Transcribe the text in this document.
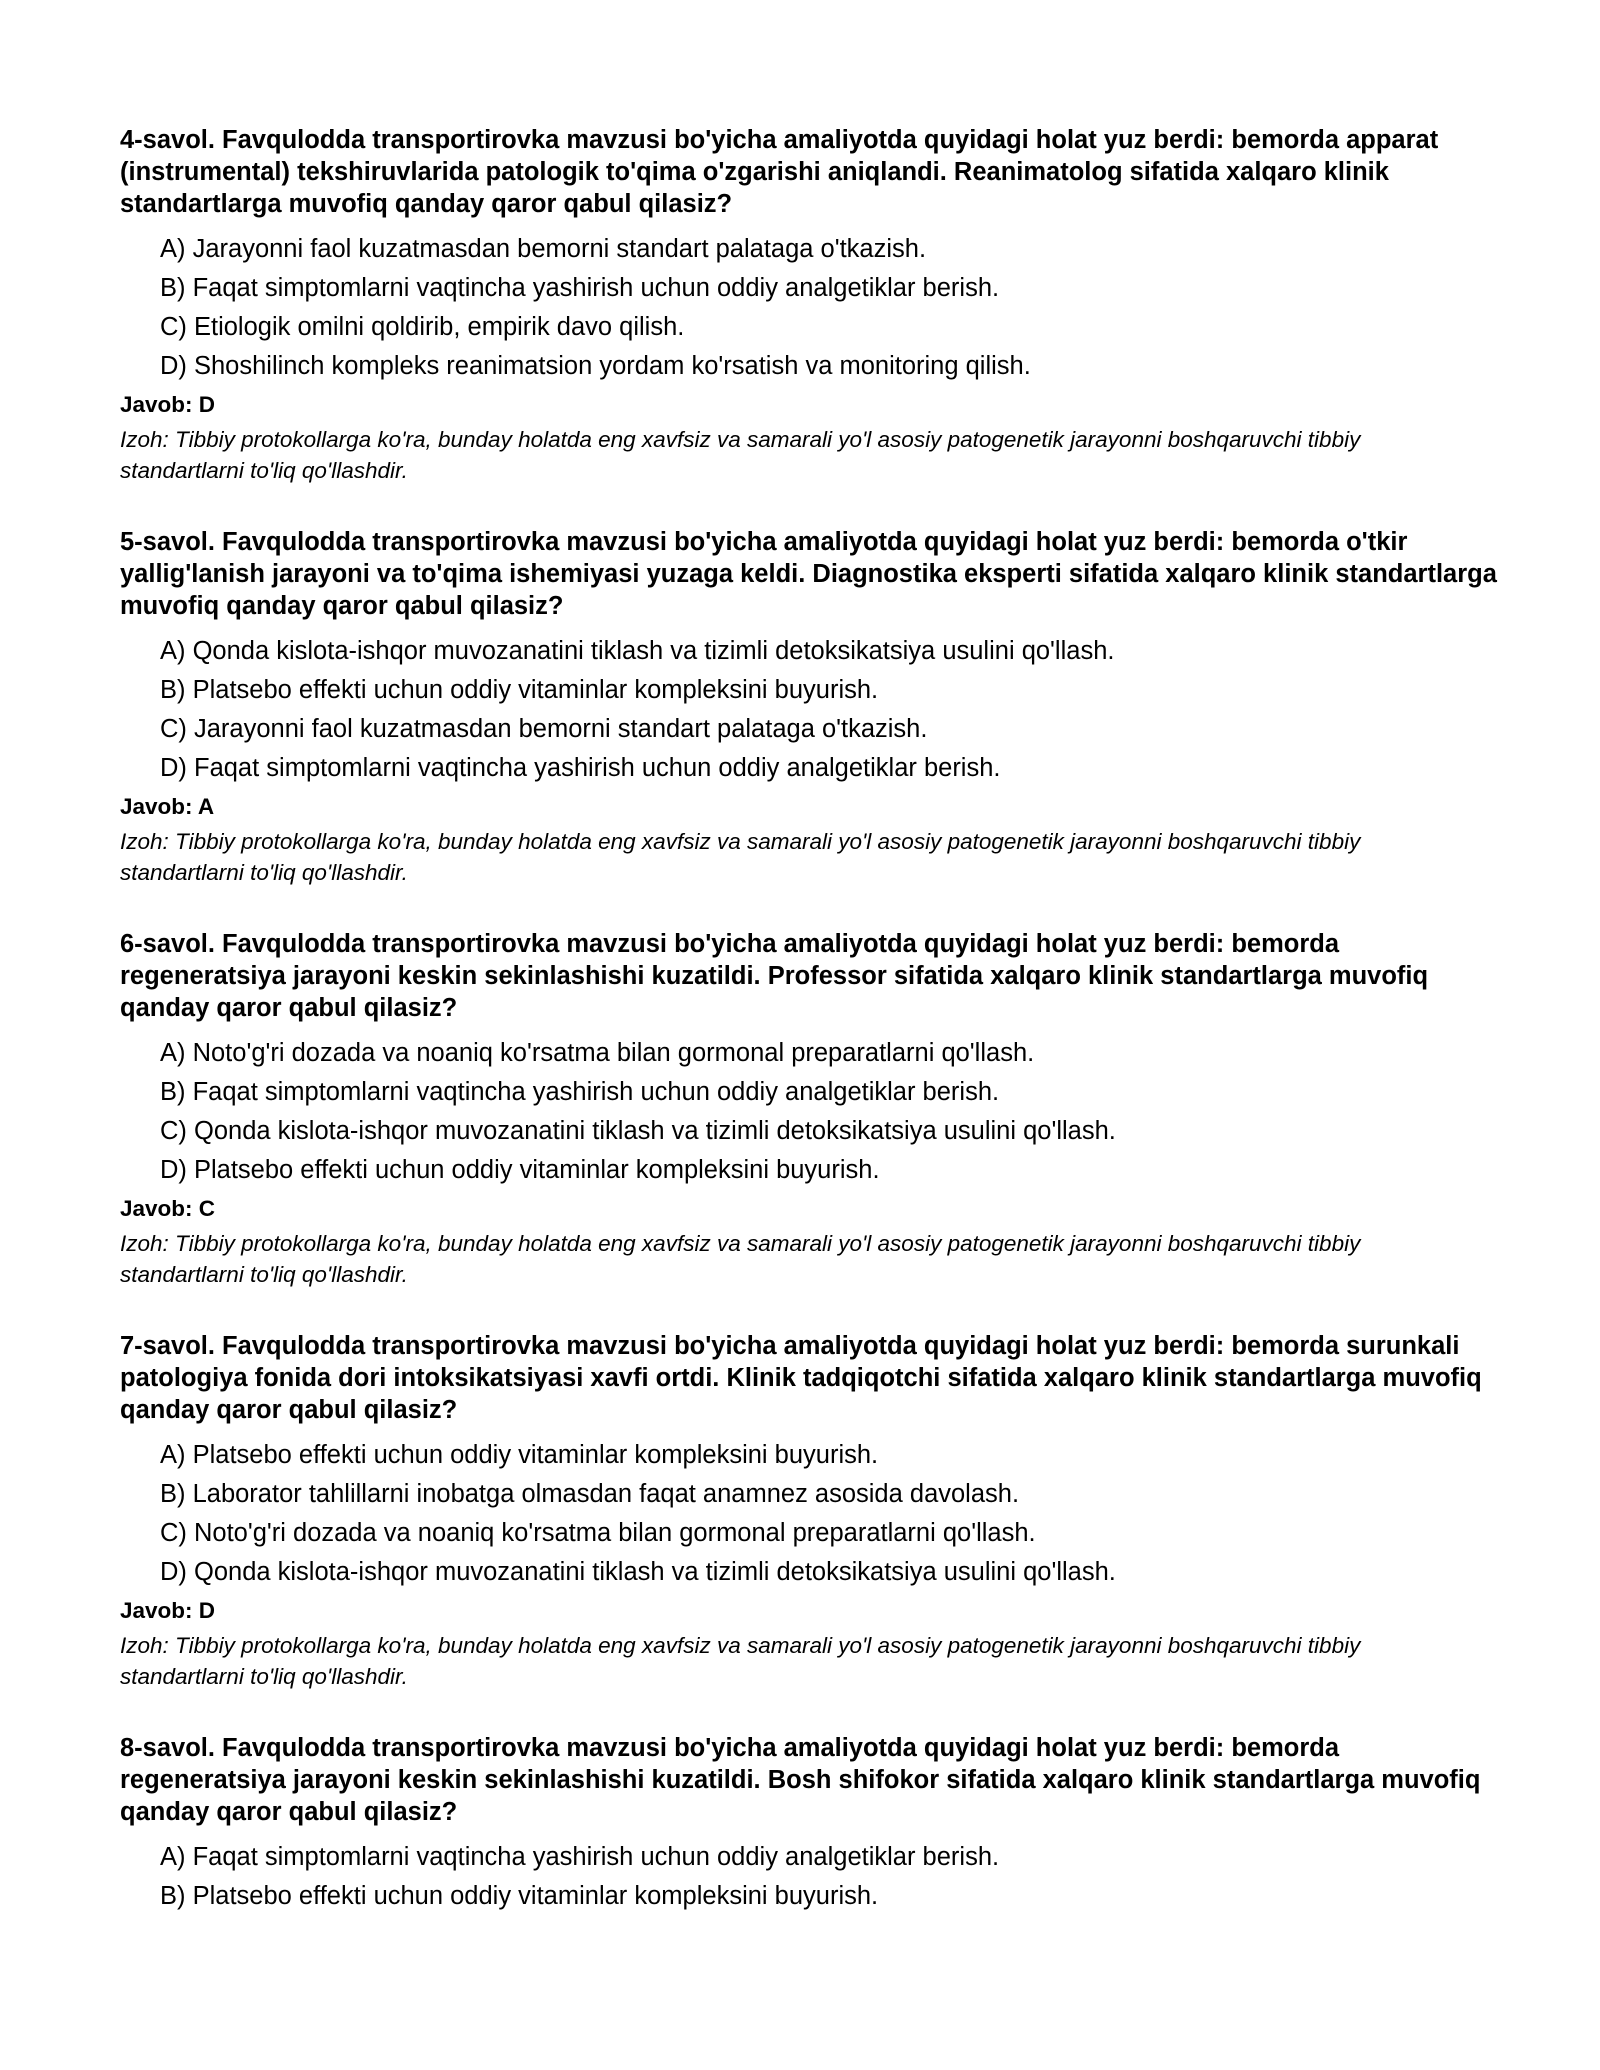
4-savol. Favqulodda transportirovka mavzusi bo'yicha amaliyotda quyidagi holat yuz berdi: bemorda apparat (instrumental) tekshiruvlarida patologik to'qima o'zgarishi aniqlandi. Reanimatolog sifatida xalqaro klinik standartlarga muvofiq qanday qaror qabul qilasiz?

A) Jarayonni faol kuzatmasdan bemorni standart palataga o'tkazish.
B) Faqat simptomlarni vaqtincha yashirish uchun oddiy analgetiklar berish.
C) Etiologik omilni qoldirib, empirik davo qilish.
D) Shoshilinch kompleks reanimatsion yordam ko'rsatish va monitoring qilish.
Javob: D
Izoh: Tibbiy protokollarga ko'ra, bunday holatda eng xavfsiz va samarali yo'l asosiy patogenetik jarayonni boshqaruvchi tibbiy standartlarni to'liq qo'llashdir.

5-savol. Favqulodda transportirovka mavzusi bo'yicha amaliyotda quyidagi holat yuz berdi: bemorda o'tkir yallig'lanish jarayoni va to'qima ishemiyasi yuzaga keldi. Diagnostika eksperti sifatida xalqaro klinik standartlarga muvofiq qanday qaror qabul qilasiz?

A) Qonda kislota-ishqor muvozanatini tiklash va tizimli detoksikatsiya usulini qo'llash.
B) Platsebo effekti uchun oddiy vitaminlar kompleksini buyurish.
C) Jarayonni faol kuzatmasdan bemorni standart palataga o'tkazish.
D) Faqat simptomlarni vaqtincha yashirish uchun oddiy analgetiklar berish.
Javob: A
Izoh: Tibbiy protokollarga ko'ra, bunday holatda eng xavfsiz va samarali yo'l asosiy patogenetik jarayonni boshqaruvchi tibbiy standartlarni to'liq qo'llashdir.

6-savol. Favqulodda transportirovka mavzusi bo'yicha amaliyotda quyidagi holat yuz berdi: bemorda regeneratsiya jarayoni keskin sekinlashishi kuzatildi. Professor sifatida xalqaro klinik standartlarga muvofiq qanday qaror qabul qilasiz?

A) Noto'g'ri dozada va noaniq ko'rsatma bilan gormonal preparatlarni qo'llash.
B) Faqat simptomlarni vaqtincha yashirish uchun oddiy analgetiklar berish.
C) Qonda kislota-ishqor muvozanatini tiklash va tizimli detoksikatsiya usulini qo'llash.
D) Platsebo effekti uchun oddiy vitaminlar kompleksini buyurish.
Javob: C
Izoh: Tibbiy protokollarga ko'ra, bunday holatda eng xavfsiz va samarali yo'l asosiy patogenetik jarayonni boshqaruvchi tibbiy standartlarni to'liq qo'llashdir.

7-savol. Favqulodda transportirovka mavzusi bo'yicha amaliyotda quyidagi holat yuz berdi: bemorda surunkali patologiya fonida dori intoksikatsiyasi xavfi ortdi. Klinik tadqiqotchi sifatida xalqaro klinik standartlarga muvofiq qanday qaror qabul qilasiz?

A) Platsebo effekti uchun oddiy vitaminlar kompleksini buyurish.
B) Laborator tahlillarni inobatga olmasdan faqat anamnez asosida davolash.
C) Noto'g'ri dozada va noaniq ko'rsatma bilan gormonal preparatlarni qo'llash.
D) Qonda kislota-ishqor muvozanatini tiklash va tizimli detoksikatsiya usulini qo'llash.
Javob: D
Izoh: Tibbiy protokollarga ko'ra, bunday holatda eng xavfsiz va samarali yo'l asosiy patogenetik jarayonni boshqaruvchi tibbiy standartlarni to'liq qo'llashdir.

8-savol. Favqulodda transportirovka mavzusi bo'yicha amaliyotda quyidagi holat yuz berdi: bemorda regeneratsiya jarayoni keskin sekinlashishi kuzatildi. Bosh shifokor sifatida xalqaro klinik standartlarga muvofiq qanday qaror qabul qilasiz?

A) Faqat simptomlarni vaqtincha yashirish uchun oddiy analgetiklar berish.
B) Platsebo effekti uchun oddiy vitaminlar kompleksini buyurish.
